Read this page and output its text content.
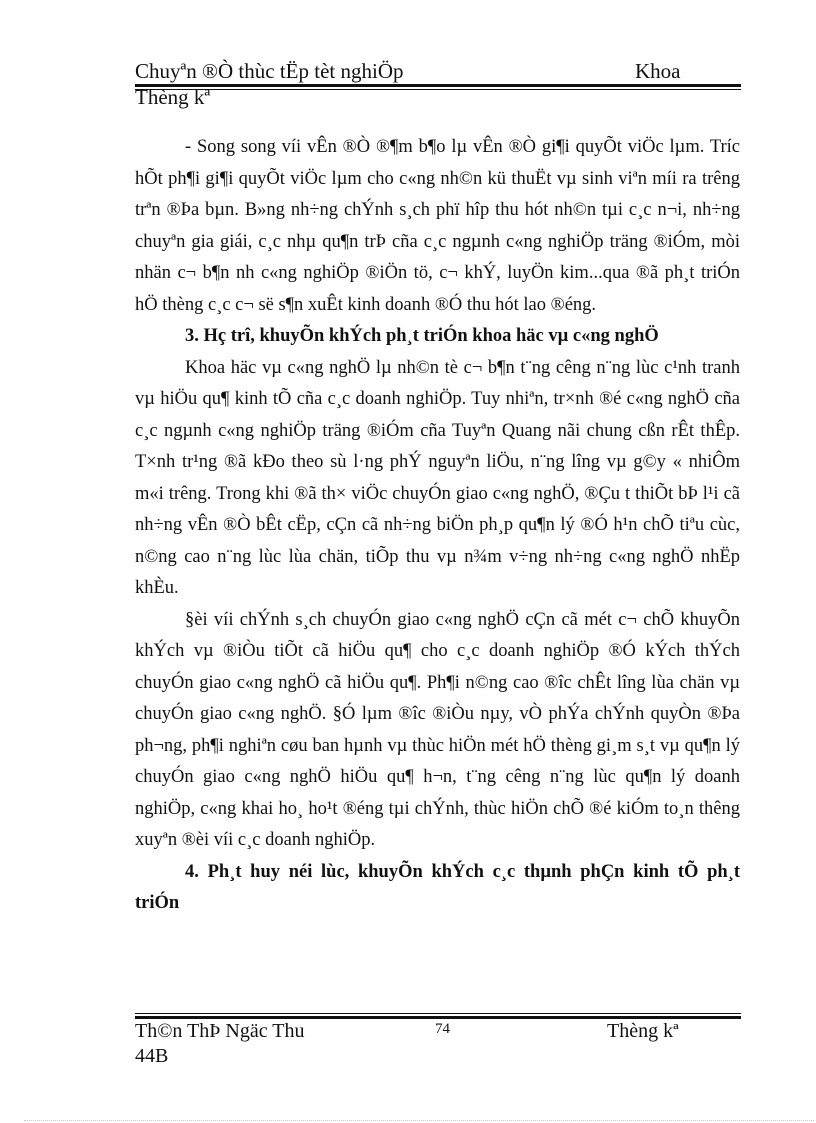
Chuyªn ®Ò thùc tËp tèt nghiÖp	Khoa
Thèng kª

- Song song víi vÊn ®Ò ®¶m b¶o lµ vÊn ®Ò gi¶i quyÕt viÖc lµm. Tríc hÕt ph¶i gi¶i quyÕt viÖc lµm cho c«ng nh©n kü thuËt vµ sinh viªn míi ra trêng trªn ®Þa bµn. B»ng nh÷ng chÝnh s¸ch phï hîp thu hót nh©n tµi c¸c n¬i, nh÷ng chuyªn gia giái, c¸c nhµ qu¶n trÞ cña c¸c ngµnh c«ng nghiÖp träng ®iÓm, mòi nhän c¬ b¶n nh c«ng nghiÖp ®iÖn tö, c¬ khÝ, luyÖn kim...qua ®ã ph¸t triÓn hÖ thèng c¸c c¬ së s¶n xuÊt kinh doanh ®Ó thu hót lao ®éng.

3. Hç trî, khuyÕn khÝch ph¸t triÓn khoa häc vµ c«ng nghÖ

Khoa häc vµ c«ng nghÖ lµ nh©n tè c¬ b¶n t¨ng cêng n¨ng lùc c¹nh tranh vµ hiÖu qu¶ kinh tÕ cña c¸c doanh nghiÖp. Tuy nhiªn, tr×nh ®é c«ng nghÖ cña c¸c ngµnh c«ng nghiÖp träng ®iÓm cña Tuyªn Quang nãi chung cßn rÊt thÊp. T×nh tr¹ng ®ã kÐo theo sù l·ng phÝ nguyªn liÖu, n¨ng lîng vµ g©y « nhiÔm m«i trêng. Trong khi ®ã th× viÖc chuyÓn giao c«ng nghÖ, ®Çu t thiÕt bÞ l¹i cã nh÷ng vÊn ®Ò bÊt cËp, cÇn cã nh÷ng biÖn ph¸p qu¶n lý ®Ó h¹n chÕ tiªu cùc, n©ng cao n¨ng lùc lùa chän, tiÕp thu vµ n¾m v÷ng nh÷ng c«ng nghÖ nhËp khÈu.

§èi víi chÝnh s¸ch chuyÓn giao c«ng nghÖ cÇn cã mét c¬ chÕ khuyÕn khÝch vµ ®iÒu tiÕt cã hiÖu qu¶ cho c¸c doanh nghiÖp ®Ó kÝch thÝch chuyÓn giao c«ng nghÖ cã hiÖu qu¶. Ph¶i n©ng cao ®îc chÊt lîng lùa chän vµ chuyÓn giao c«ng nghÖ. §Ó lµm ®îc ®iÒu nµy, vÒ phÝa chÝnh quyÒn ®Þa ph¬ng, ph¶i nghiªn cøu ban hµnh vµ thùc hiÖn mét hÖ thèng gi¸m s¸t vµ qu¶n lý chuyÓn giao c«ng nghÖ hiÖu qu¶ h¬n, t¨ng cêng n¨ng lùc qu¶n lý doanh nghiÖp, c«ng khai ho¸ ho¹t ®éng tµi chÝnh, thùc hiÖn chÕ ®é kiÓm to¸n thêng xuyªn ®èi víi c¸c doanh nghiÖp.

4. Ph¸t huy néi lùc, khuyÕn khÝch c¸c thµnh phÇn kinh tÕ ph¸t triÓn

Th©n ThÞ Ngäc Thu
44B
74	Thèng kª
